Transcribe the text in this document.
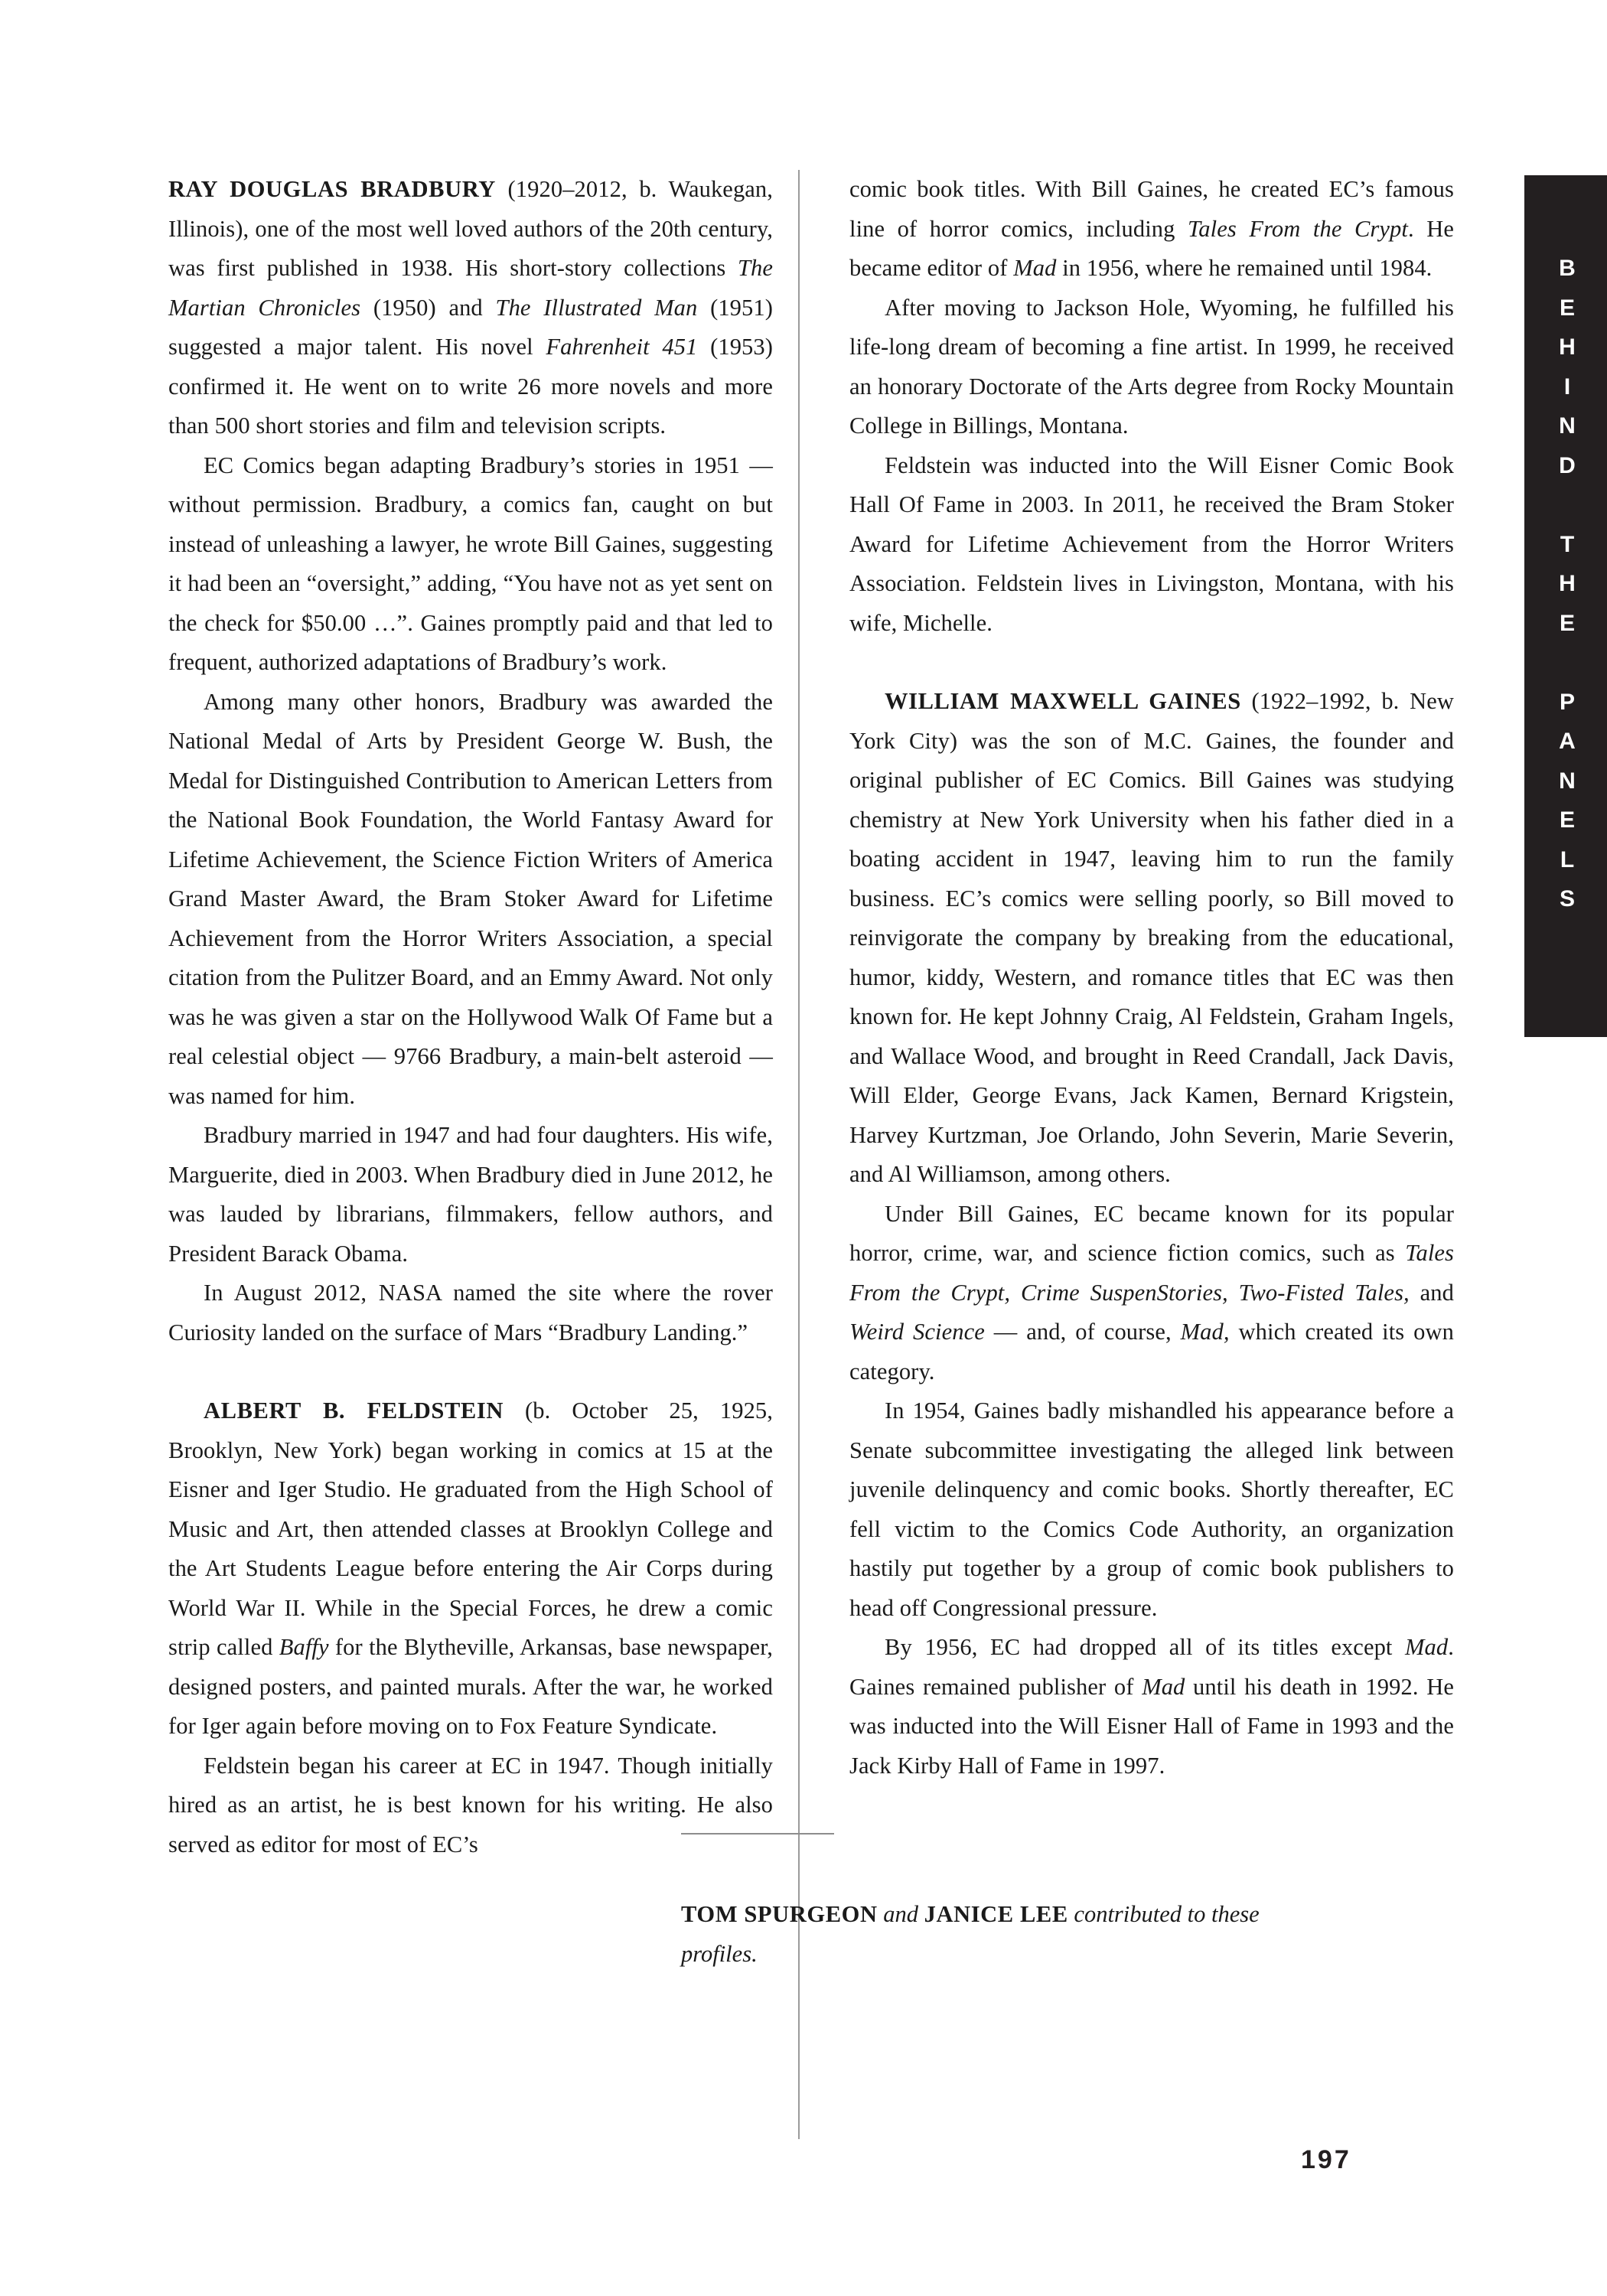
RAY DOUGLAS BRADBURY (1920–2012, b. Waukegan, Illinois), one of the most well loved authors of the 20th century, was first published in 1938. His short-story collections The Martian Chronicles (1950) and The Illustrated Man (1951) suggested a major talent. His novel Fahrenheit 451 (1953) confirmed it. He went on to write 26 more novels and more than 500 short stories and film and television scripts.

EC Comics began adapting Bradbury’s stories in 1951 — without permission. Bradbury, a comics fan, caught on but instead of unleashing a lawyer, he wrote Bill Gaines, suggesting it had been an “oversight,” adding, “You have not as yet sent on the check for $50.00 …”. Gaines promptly paid and that led to frequent, authorized adaptations of Bradbury’s work.

Among many other honors, Bradbury was awarded the National Medal of Arts by President George W. Bush, the Medal for Distinguished Contribution to American Letters from the National Book Foundation, the World Fantasy Award for Lifetime Achievement, the Science Fiction Writers of America Grand Master Award, the Bram Stoker Award for Lifetime Achievement from the Horror Writers Association, a special citation from the Pulitzer Board, and an Emmy Award. Not only was he was given a star on the Hollywood Walk Of Fame but a real celestial object — 9766 Bradbury, a main-belt asteroid — was named for him.

Bradbury married in 1947 and had four daughters. His wife, Marguerite, died in 2003. When Bradbury died in June 2012, he was lauded by librarians, filmmakers, fellow authors, and President Barack Obama.

In August 2012, NASA named the site where the rover Curiosity landed on the surface of Mars “Bradbury Landing.”

ALBERT B. FELDSTEIN (b. October 25, 1925, Brooklyn, New York) began working in comics at 15 at the Eisner and Iger Studio. He graduated from the High School of Music and Art, then attended classes at Brooklyn College and the Art Students League before entering the Air Corps during World War II. While in the Special Forces, he drew a comic strip called Baffy for the Blytheville, Arkansas, base newspaper, designed posters, and painted murals. After the war, he worked for Iger again before moving on to Fox Feature Syndicate.

Feldstein began his career at EC in 1947. Though initially hired as an artist, he is best known for his writing. He also served as editor for most of EC’s

comic book titles. With Bill Gaines, he created EC’s famous line of horror comics, including Tales From the Crypt. He became editor of Mad in 1956, where he remained until 1984.

After moving to Jackson Hole, Wyoming, he fulfilled his life-long dream of becoming a fine artist. In 1999, he received an honorary Doctorate of the Arts degree from Rocky Mountain College in Billings, Montana.

Feldstein was inducted into the Will Eisner Comic Book Hall Of Fame in 2003. In 2011, he received the Bram Stoker Award for Lifetime Achievement from the Horror Writers Association. Feldstein lives in Livingston, Montana, with his wife, Michelle.

WILLIAM MAXWELL GAINES (1922–1992, b. New York City) was the son of M.C. Gaines, the founder and original publisher of EC Comics. Bill Gaines was studying chemistry at New York University when his father died in a boating accident in 1947, leaving him to run the family business. EC’s comics were selling poorly, so Bill moved to reinvigorate the company by breaking from the educational, humor, kiddy, Western, and romance titles that EC was then known for. He kept Johnny Craig, Al Feldstein, Graham Ingels, and Wallace Wood, and brought in Reed Crandall, Jack Davis, Will Elder, George Evans, Jack Kamen, Bernard Krigstein, Harvey Kurtzman, Joe Orlando, John Severin, Marie Severin, and Al Williamson, among others.

Under Bill Gaines, EC became known for its popular horror, crime, war, and science fiction comics, such as Tales From the Crypt, Crime SuspenStories, Two-Fisted Tales, and Weird Science — and, of course, Mad, which created its own category.

In 1954, Gaines badly mishandled his appearance before a Senate subcommittee investigating the alleged link between juvenile delinquency and comic books. Shortly thereafter, EC fell victim to the Comics Code Authority, an organization hastily put together by a group of comic book publishers to head off Congressional pressure.

By 1956, EC had dropped all of its titles except Mad. Gaines remained publisher of Mad until his death in 1992. He was inducted into the Will Eisner Hall of Fame in 1993 and the Jack Kirby Hall of Fame in 1997.

TOM SPURGEON and JANICE LEE contributed to these profiles.

B
E
H
I
N
D
T
H
E
P
A
N
E
L
S
197
